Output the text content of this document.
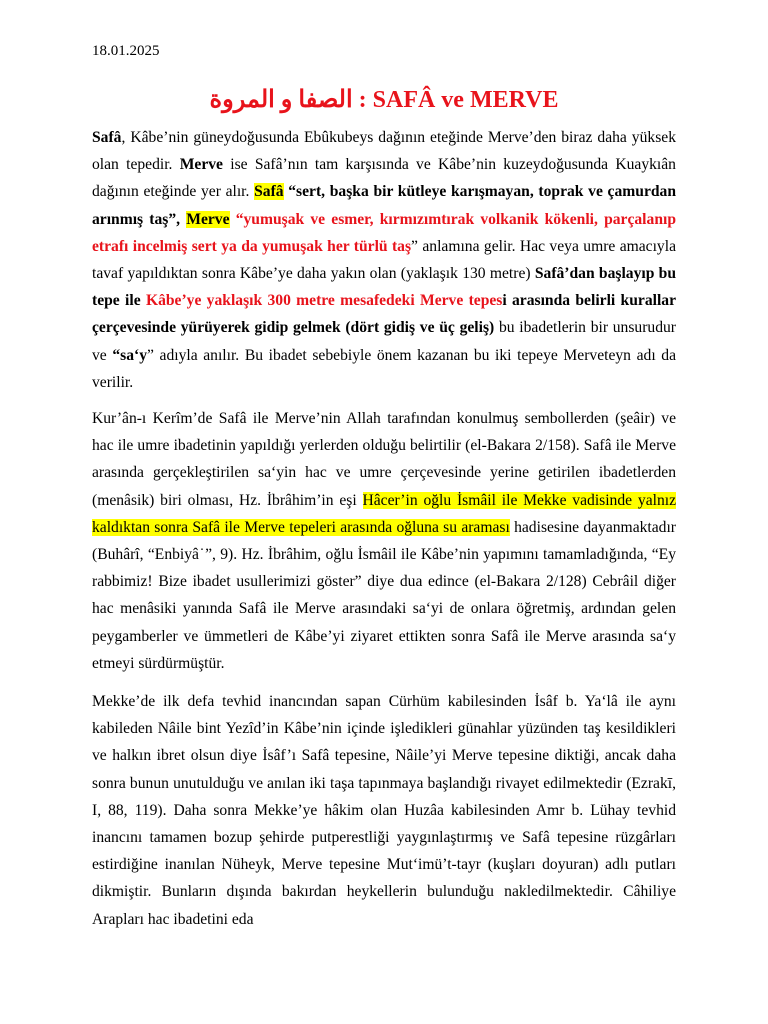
18.01.2025
الصفا و المروة : SAFÂ ve MERVE

Safâ, Kâbe’nin güneydoğusunda Ebûkubeys dağının eteğinde Merve’den biraz daha yüksek olan tepedir. Merve ise Safâ’nın tam karşısında ve Kâbe’nin kuzeydoğusunda Kuaykıân dağının eteğinde yer alır. Safâ “sert, başka bir kütleye karışmayan, toprak ve çamurdan arınmış taş”, Merve “yumuşak ve esmer, kırmızımtırak volkanik kökenli, parçalanıp etrafı incelmiş sert ya da yumuşak her türlü taş” anlamına gelir. Hac veya umre amacıyla tavaf yapıldıktan sonra Kâbe’ye daha yakın olan (yaklaşık 130 metre) Safâ’dan başlayıp bu tepe ile Kâbe’ye yaklaşık 300 metre mesafedeki Merve tepesi arasında belirli kurallar çerçevesinde yürüyerek gidip gelmek (dört gidiş ve üç geliş) bu ibadetlerin bir unsurudur ve “sa‘y” adıyla anılır. Bu ibadet sebebiyle önem kazanan bu iki tepeye Merveteyn adı da verilir.

Kur’ân-ı Kerîm’de Safâ ile Merve’nin Allah tarafından konulmuş sembollerden (şeâir) ve hac ile umre ibadetinin yapıldığı yerlerden olduğu belirtilir (el-Bakara 2/158). Safâ ile Merve arasında gerçekleştirilen sa‘yin hac ve umre çerçevesinde yerine getirilen ibadetlerden (menâsik) biri olması, Hz. İbrâhim’in eşi Hâcer’in oğlu İsmâil ile Mekke vadisinde yalnız kaldıktan sonra Safâ ile Merve tepeleri arasında oğluna su araması hadisesine dayanmaktadır (Buhârî, “Enbiyâ˙”, 9). Hz. İbrâhim, oğlu İsmâil ile Kâbe’nin yapımını tamamladığında, “Ey rabbimiz! Bize ibadet usullerimizi göster” diye dua edince (el-Bakara 2/128) Cebrâil diğer hac menâsiki yanında Safâ ile Merve arasındaki sa‘yi de onlara öğretmiş, ardından gelen peygamberler ve ümmetleri de Kâbe’yi ziyaret ettikten sonra Safâ ile Merve arasında sa‘y etmeyi sürdürmüştür.

Mekke’de ilk defa tevhid inancından sapan Cürhüm kabilesinden İsâf b. Ya‘lâ ile aynı kabileden Nâile bint Yezîd’in Kâbe’nin içinde işledikleri günahlar yüzünden taş kesildikleri ve halkın ibret olsun diye İsâf’ı Safâ tepesine, Nâile’yi Merve tepesine diktiği, ancak daha sonra bunun unutulduğu ve anılan iki taşa tapınmaya başlandığı rivayet edilmektedir (Ezrakī, I, 88, 119). Daha sonra Mekke’ye hâkim olan Huzâa kabilesinden Amr b. Lühay tevhid inancını tamamen bozup şehirde putperestliği yaygınlaştırmış ve Safâ tepesine rüzgârları estirdiğine inanılan Nüheyk, Merve tepesine Mut‘imü’t-tayr (kuşları doyuran) adlı putları dikmiştir. Bunların dışında bakırdan heykellerin bulunduğu nakledilmektedir. Câhiliye Arapları hac ibadetini eda
